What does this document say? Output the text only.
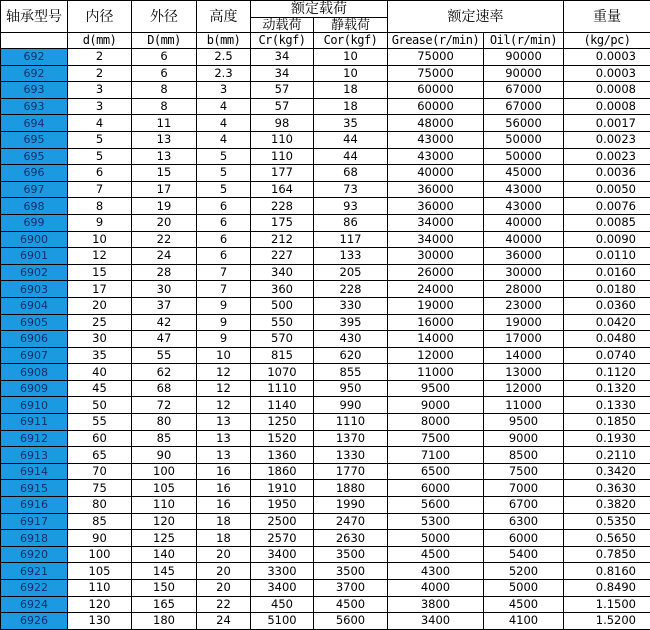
轴承型号	内径	外径	高度	额定载荷		额定速率		重量
				动载荷	静载荷			
	d(mm)	D(mm)	b(mm)	Cr(kgf)	Cor(kgf)	Grease(r/min)	Oil(r/min)	(kg/pc)
692	2	6	2.5	34	10	75000	90000	0.0003
692	2	6	2.3	34	10	75000	90000	0.0003
693	3	8	3	57	18	60000	67000	0.0008
693	3	8	4	57	18	60000	67000	0.0008
694	4	11	4	98	35	48000	56000	0.0017
695	5	13	4	110	44	43000	50000	0.0023
695	5	13	5	110	44	43000	50000	0.0023
696	6	15	5	177	68	40000	45000	0.0036
697	7	17	5	164	73	36000	43000	0.0050
698	8	19	6	228	93	36000	43000	0.0076
699	9	20	6	175	86	34000	40000	0.0085
6900	10	22	6	212	117	34000	40000	0.0090
6901	12	24	6	227	133	30000	36000	0.0110
6902	15	28	7	340	205	26000	30000	0.0160
6903	17	30	7	360	228	24000	28000	0.0180
6904	20	37	9	500	330	19000	23000	0.0360
6905	25	42	9	550	395	16000	19000	0.0420
6906	30	47	9	570	430	14000	17000	0.0480
6907	35	55	10	815	620	12000	14000	0.0740
6908	40	62	12	1070	855	11000	13000	0.1120
6909	45	68	12	1110	950	9500	12000	0.1320
6910	50	72	12	1140	990	9000	11000	0.1330
6911	55	80	13	1250	1110	8000	9500	0.1850
6912	60	85	13	1520	1370	7500	9000	0.1930
6913	65	90	13	1360	1330	7100	8500	0.2110
6914	70	100	16	1860	1770	6500	7500	0.3420
6915	75	105	16	1910	1880	6000	7000	0.3630
6916	80	110	16	1950	1990	5600	6700	0.3820
6917	85	120	18	2500	2470	5300	6300	0.5350
6918	90	125	18	2570	2630	5000	6000	0.5650
6920	100	140	20	3400	3500	4500	5400	0.7850
6921	105	145	20	3300	3500	4300	5200	0.8160
6922	110	150	20	3400	3700	4000	5000	0.8490
6924	120	165	22	450	4500	3800	4500	1.1500
6926	130	180	24	5100	5600	3400	4100	1.5200
